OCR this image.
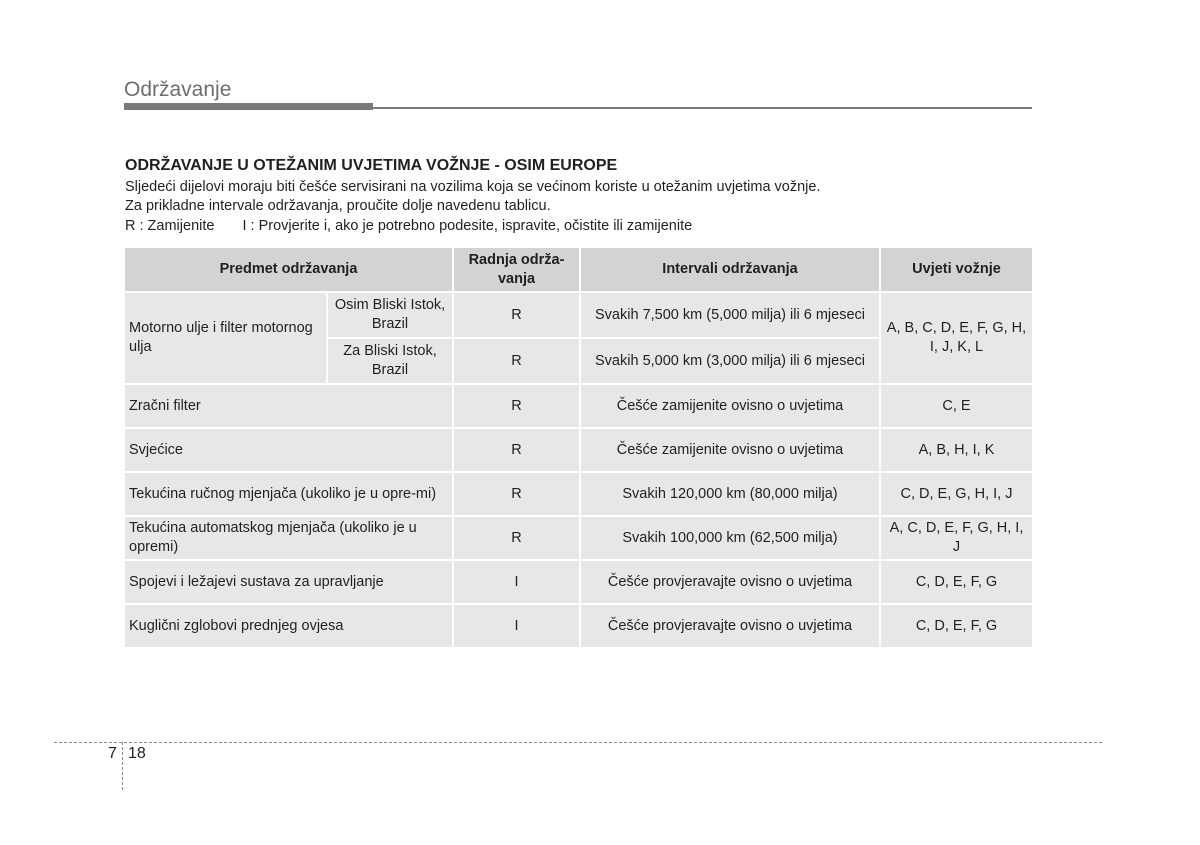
Održavanje
ODRŽAVANJE U OTEŽANIM UVJETIMA VOŽNJE - OSIM EUROPE

Sljedeći dijelovi moraju biti češće servisirani na vozilima koja se većinom koriste u otežanim uvjetima vožnje.

Za prikladne intervale održavanja, proučite dolje navedenu tablicu.

R : Zamijenite I : Provjerite i, ako je potrebno podesite, ispravite, očistite ili zamijenite

Predmet održavanja		Radnja održa-vanja	Intervali održavanja	Uvjeti vožnje
Motorno ulje i filter motornog ulja	Osim Bliski Istok, Brazil	R	Svakih 7,500 km (5,000 milja) ili 6 mjeseci	A, B, C, D, E, F, G, H, I, J, K, L
	Za Bliski Istok, Brazil	R	Svakih 5,000 km (3,000 milja) ili 6 mjeseci	
Zračni filter		R	Češće zamijenite ovisno o uvjetima	C, E
Svjećice		R	Češće zamijenite ovisno o uvjetima	A, B, H, I, K
Tekućina ručnog mjenjača (ukoliko je u opre-mi)		R	Svakih 120,000 km (80,000 milja)	C, D, E, G, H, I, J
Tekućina automatskog mjenjača (ukoliko je u opremi)		R	Svakih 100,000 km (62,500 milja)	A, C, D, E, F, G, H, I, J
Spojevi i ležajevi sustava za upravljanje		I	Češće provjeravajte ovisno o uvjetima	C, D, E, F, G
Kuglični zglobovi prednjeg ovjesa		I	Češće provjeravajte ovisno o uvjetima	C, D, E, F, G
7 18
